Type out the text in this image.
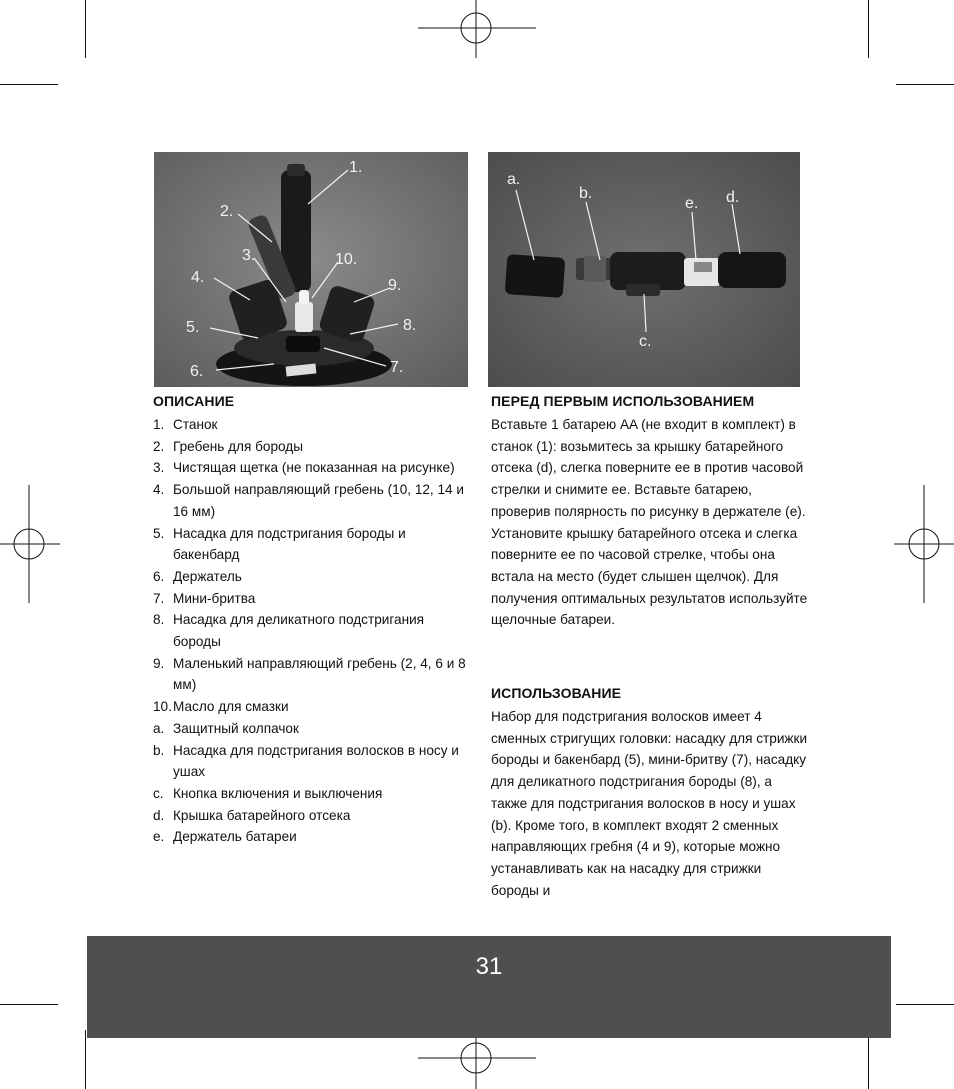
1.
2.
3.
4.
5.
6.	7.
8.
9.
10.
a.
b.
c.
d.
e.
ОПИСАНИЕ
1. Станок
2. Гребень для бороды
3. Чистящая щетка (не показанная на рисунке)
4. Большой направляющий гребень (10, 12, 14 и 16 мм)
5. Насадка для подстригания бороды и бакенбард
6. Держатель
7. Мини-бритва
8. Насадка для деликатного подстригания бороды
9. Маленький направляющий гребень (2, 4, 6 и 8 мм)
10. Масло для смазки
a. Защитный колпачок
b. Насадка для подстригания волосков в носу и ушах
c. Кнопка включения и выключения
d. Крышка батарейного отсека
e. Держатель батареи
ПЕРЕД ПЕРВЫМ ИСПОЛЬЗОВАНИЕМ

Вставьте 1 батарею AA (не входит в комплект) в станок (1): возьмитесь за крышку батарейного отсека (d), слегка поверните ее в против часовой стрелки и снимите ее. Вставьте батарею, проверив полярность по рисунку в держателе (e). Установите крышку батарейного отсека и слегка поверните ее по часовой стрелке, чтобы она встала на место (будет слышен щелчок). Для получения оптимальных результатов используйте щелочные батареи.

ИСПОЛЬЗОВАНИЕ

Набор для подстригания волосков имеет 4 сменных стригущих головки: насадку для стрижки бороды и бакенбард (5), мини-бритву (7), насадку для деликатного подстригания бороды (8), а также для подстригания волосков в носу и ушах (b). Кроме того, в комплект входят 2 сменных направляющих гребня (4 и 9), которые можно устанавливать как на насадку для стрижки бороды и

31
